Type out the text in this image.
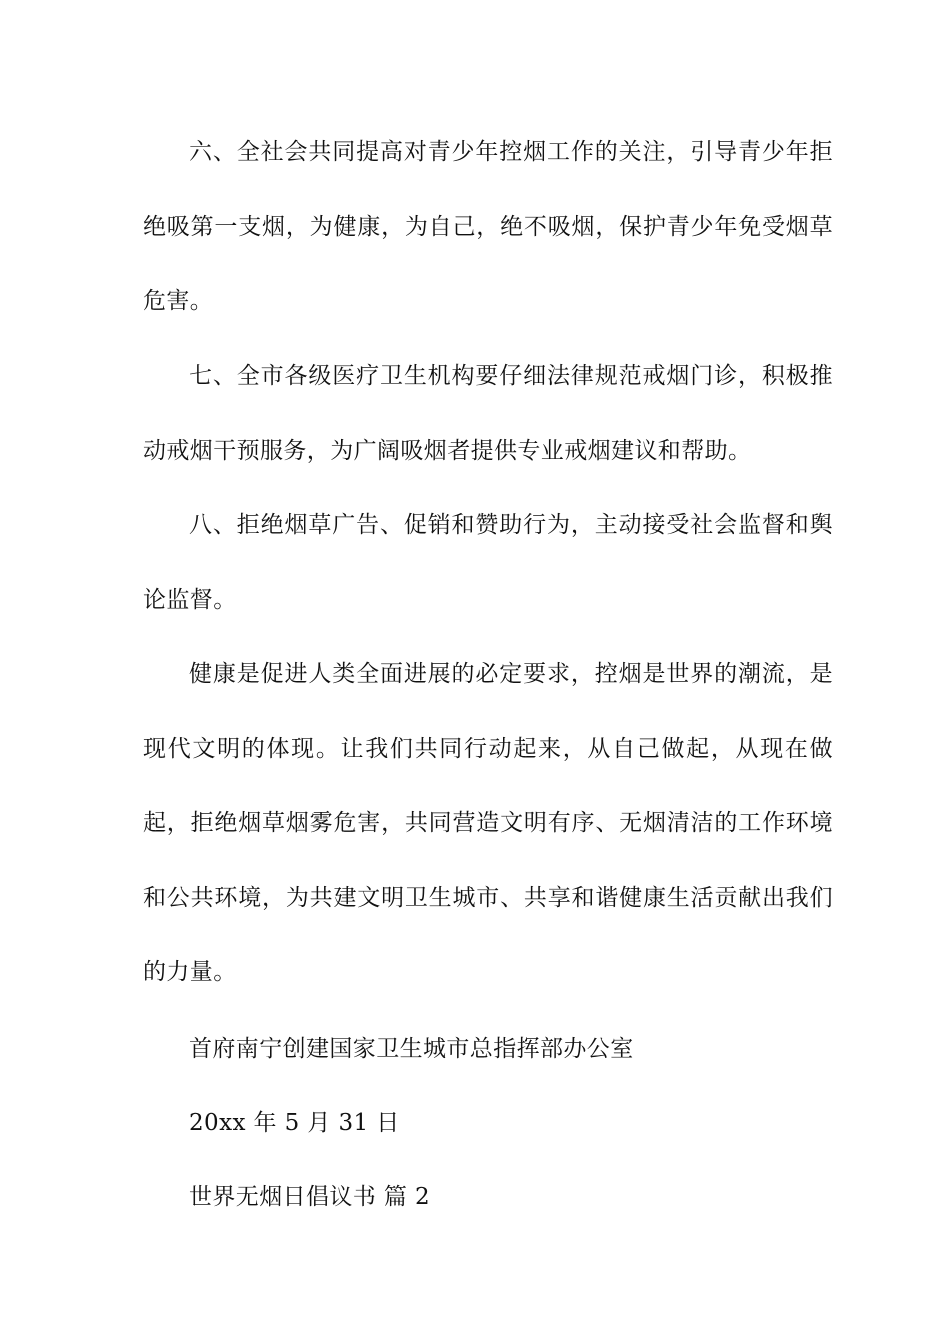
六、全社会共同提高对青少年控烟工作的关注，引导青少年拒绝吸第一支烟，为健康，为自己，绝不吸烟，保护青少年免受烟草危害。

七、全市各级医疗卫生机构要仔细法律规范戒烟门诊，积极推动戒烟干预服务，为广阔吸烟者提供专业戒烟建议和帮助。

八、拒绝烟草广告、促销和赞助行为，主动接受社会监督和舆论监督。

健康是促进人类全面进展的必定要求，控烟是世界的潮流，是现代文明的体现。让我们共同行动起来，从自己做起，从现在做起，拒绝烟草烟雾危害，共同营造文明有序、无烟清洁的工作环境和公共环境，为共建文明卫生城市、共享和谐健康生活贡献出我们的力量。

首府南宁创建国家卫生城市总指挥部办公室

20xx 年 5 月 31 日

世界无烟日倡议书 篇 2
